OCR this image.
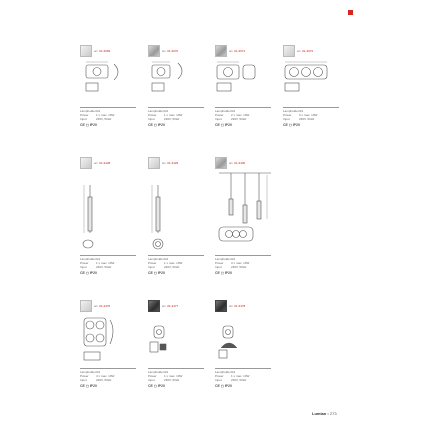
art. 01-3069
LampholderG9
Power 1 x max. 10W
Input	230V, 50Hz
CE ◻ IP20
art. 01-3070
LampholderG9
Power 1 x max. 10W
Input	230V, 50Hz
CE ◻ IP20
art. 01-3071
LampholderG9
Power 2 x max. 10W
Input	230V, 50Hz
CE ◻ IP20
art. 01-3072
LampholderG9
Power 3 x max. 10W
Input	230V, 50Hz
CE ◻ IP20
art. 01-3428
LampholderG9
Power 1 x max. 10W
Input	230V, 50Hz
CE ◻ IP20
art. 01-3429
LampholderG9
Power 1 x max. 10W
Input	230V, 50Hz
CE ◻ IP20
art. 01-3430
LampholderG9
Power 3 x max. 10W
Input	230V, 50Hz
CE ◻ IP20
art. 01-3475
LampholderG9
Power 4 x max. 10W
Input	230V, 50Hz
CE ◻ IP20
art. 01-3477
LampholderG9
Power 1 x max. 10W
Input	230V, 50Hz
CE ◻ IP20
art. 01-3478
LampholderG9
Power 1 x max. 10W
Input	230V, 50Hz
CE ◻ IP20
Lumian • 273
